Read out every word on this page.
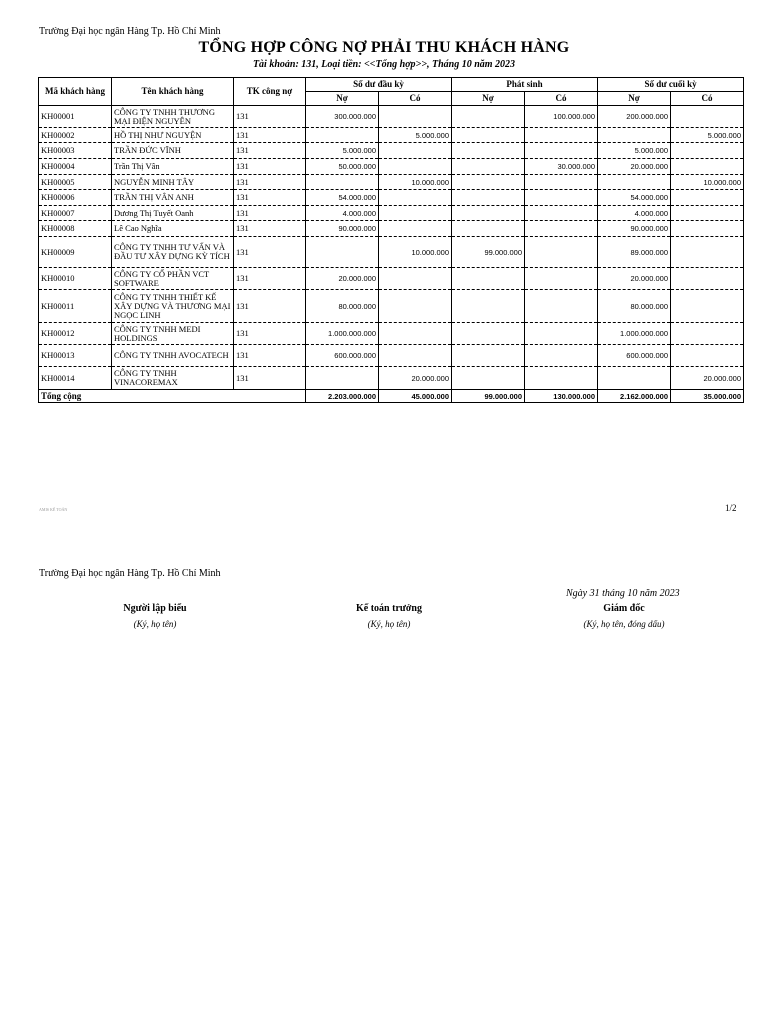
Trường Đại học ngân Hàng Tp. Hồ Chí Minh
TỔNG HỢP CÔNG NỢ PHẢI THU KHÁCH HÀNG
Tài khoản: 131, Loại tiền: <<Tổng hợp>>, Tháng 10 năm 2023
Mã khách hàng	Tên khách hàng	TK công nợ	Số dư đầu kỳ		Phát sinh		Số dư cuối kỳ	
			Nợ	Có	Nợ	Có	Nợ	Có
KH00001	CÔNG TY TNHH THƯƠNG MẠI ĐIỆN NGUYÊN	131	300.000.000			100.000.000	200.000.000	
KH00002	HỒ THỊ NHƯ NGUYỆN	131		5.000.000				5.000.000
KH00003	TRẦN ĐỨC VĨNH	131	5.000.000				5.000.000	
KH00004	Trần Thị Vân	131	50.000.000			30.000.000	20.000.000	
KH00005	NGUYỄN MINH TÂY	131		10.000.000				10.000.000
KH00006	TRẦN THỊ VÂN ANH	131	54.000.000				54.000.000	
KH00007	Dương Thị Tuyết Oanh	131	4.000.000				4.000.000	
KH00008	Lê Cao Nghĩa	131	90.000.000				90.000.000	
KH00009	CÔNG TY TNHH TƯ VẤN VÀ ĐẦU TƯ XÂY DỰNG KỲ TÍCH	131		10.000.000	99.000.000		89.000.000	
KH00010	CÔNG TY CỔ PHẦN VCT SOFTWARE	131	20.000.000				20.000.000	
KH00011	CÔNG TY TNHH THIẾT KẾ XÂY DỰNG VÀ THƯƠNG MẠI NGỌC LINH	131	80.000.000				80.000.000	
KH00012	CÔNG TY TNHH MEDI HOLDINGS	131	1.000.000.000				1.000.000.000	
KH00013	CÔNG TY TNHH AVOCATECH	131	600.000.000				600.000.000	
KH00014	CÔNG TY TNHH VINACOREMAX	131		20.000.000				20.000.000
Tổng cộng			2.203.000.000	45.000.000	99.000.000	130.000.000	2.162.000.000	35.000.000
AMIS KẾ TOÁN	1/2
Trường Đại học ngân Hàng Tp. Hồ Chí Minh
Ngày 31 tháng 10 năm 2023
Người lập biểu
(Ký, họ tên)
Kế toán trưởng
(Ký, họ tên)
Giám đốc
(Ký, họ tên, đóng dấu)
